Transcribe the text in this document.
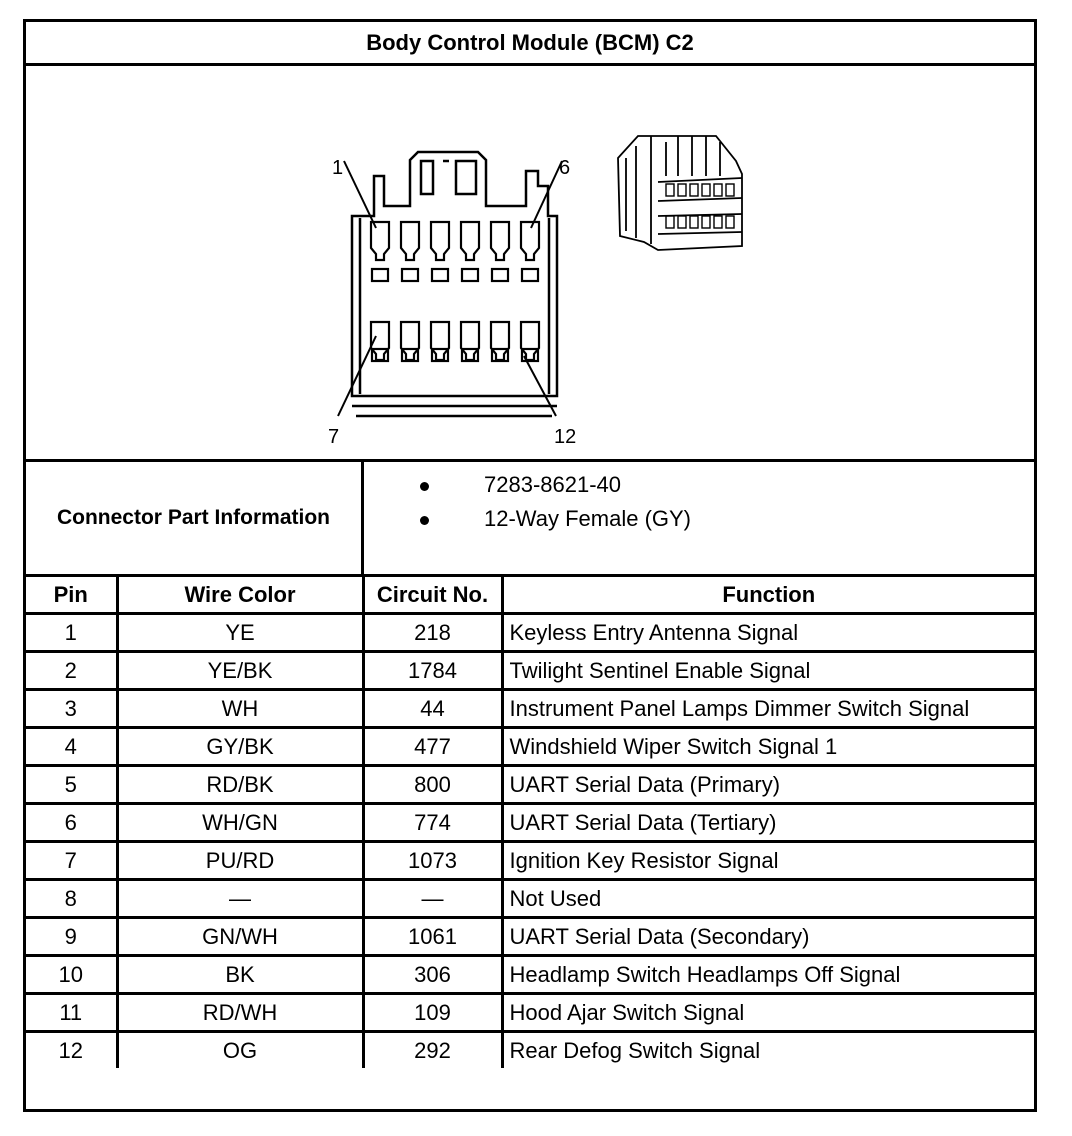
Body Control Module (BCM) C2
1	6
7	12
Connector Part Information
7283-8621-40
12-Way Female (GY)
Pin	Wire Color	Circuit No.	Function
1	YE	218	Keyless Entry Antenna Signal
2	YE/BK	1784	Twilight Sentinel Enable Signal
3	WH	44	Instrument Panel Lamps Dimmer Switch Signal
4	GY/BK	477	Windshield Wiper Switch Signal 1
5	RD/BK	800	UART Serial Data (Primary)
6	WH/GN	774	UART Serial Data (Tertiary)
7	PU/RD	1073	Ignition Key Resistor Signal
8	—	—	Not Used
9	GN/WH	1061	UART Serial Data (Secondary)
10	BK	306	Headlamp Switch Headlamps Off Signal
11	RD/WH	109	Hood Ajar Switch Signal
12	OG	292	Rear Defog Switch Signal
